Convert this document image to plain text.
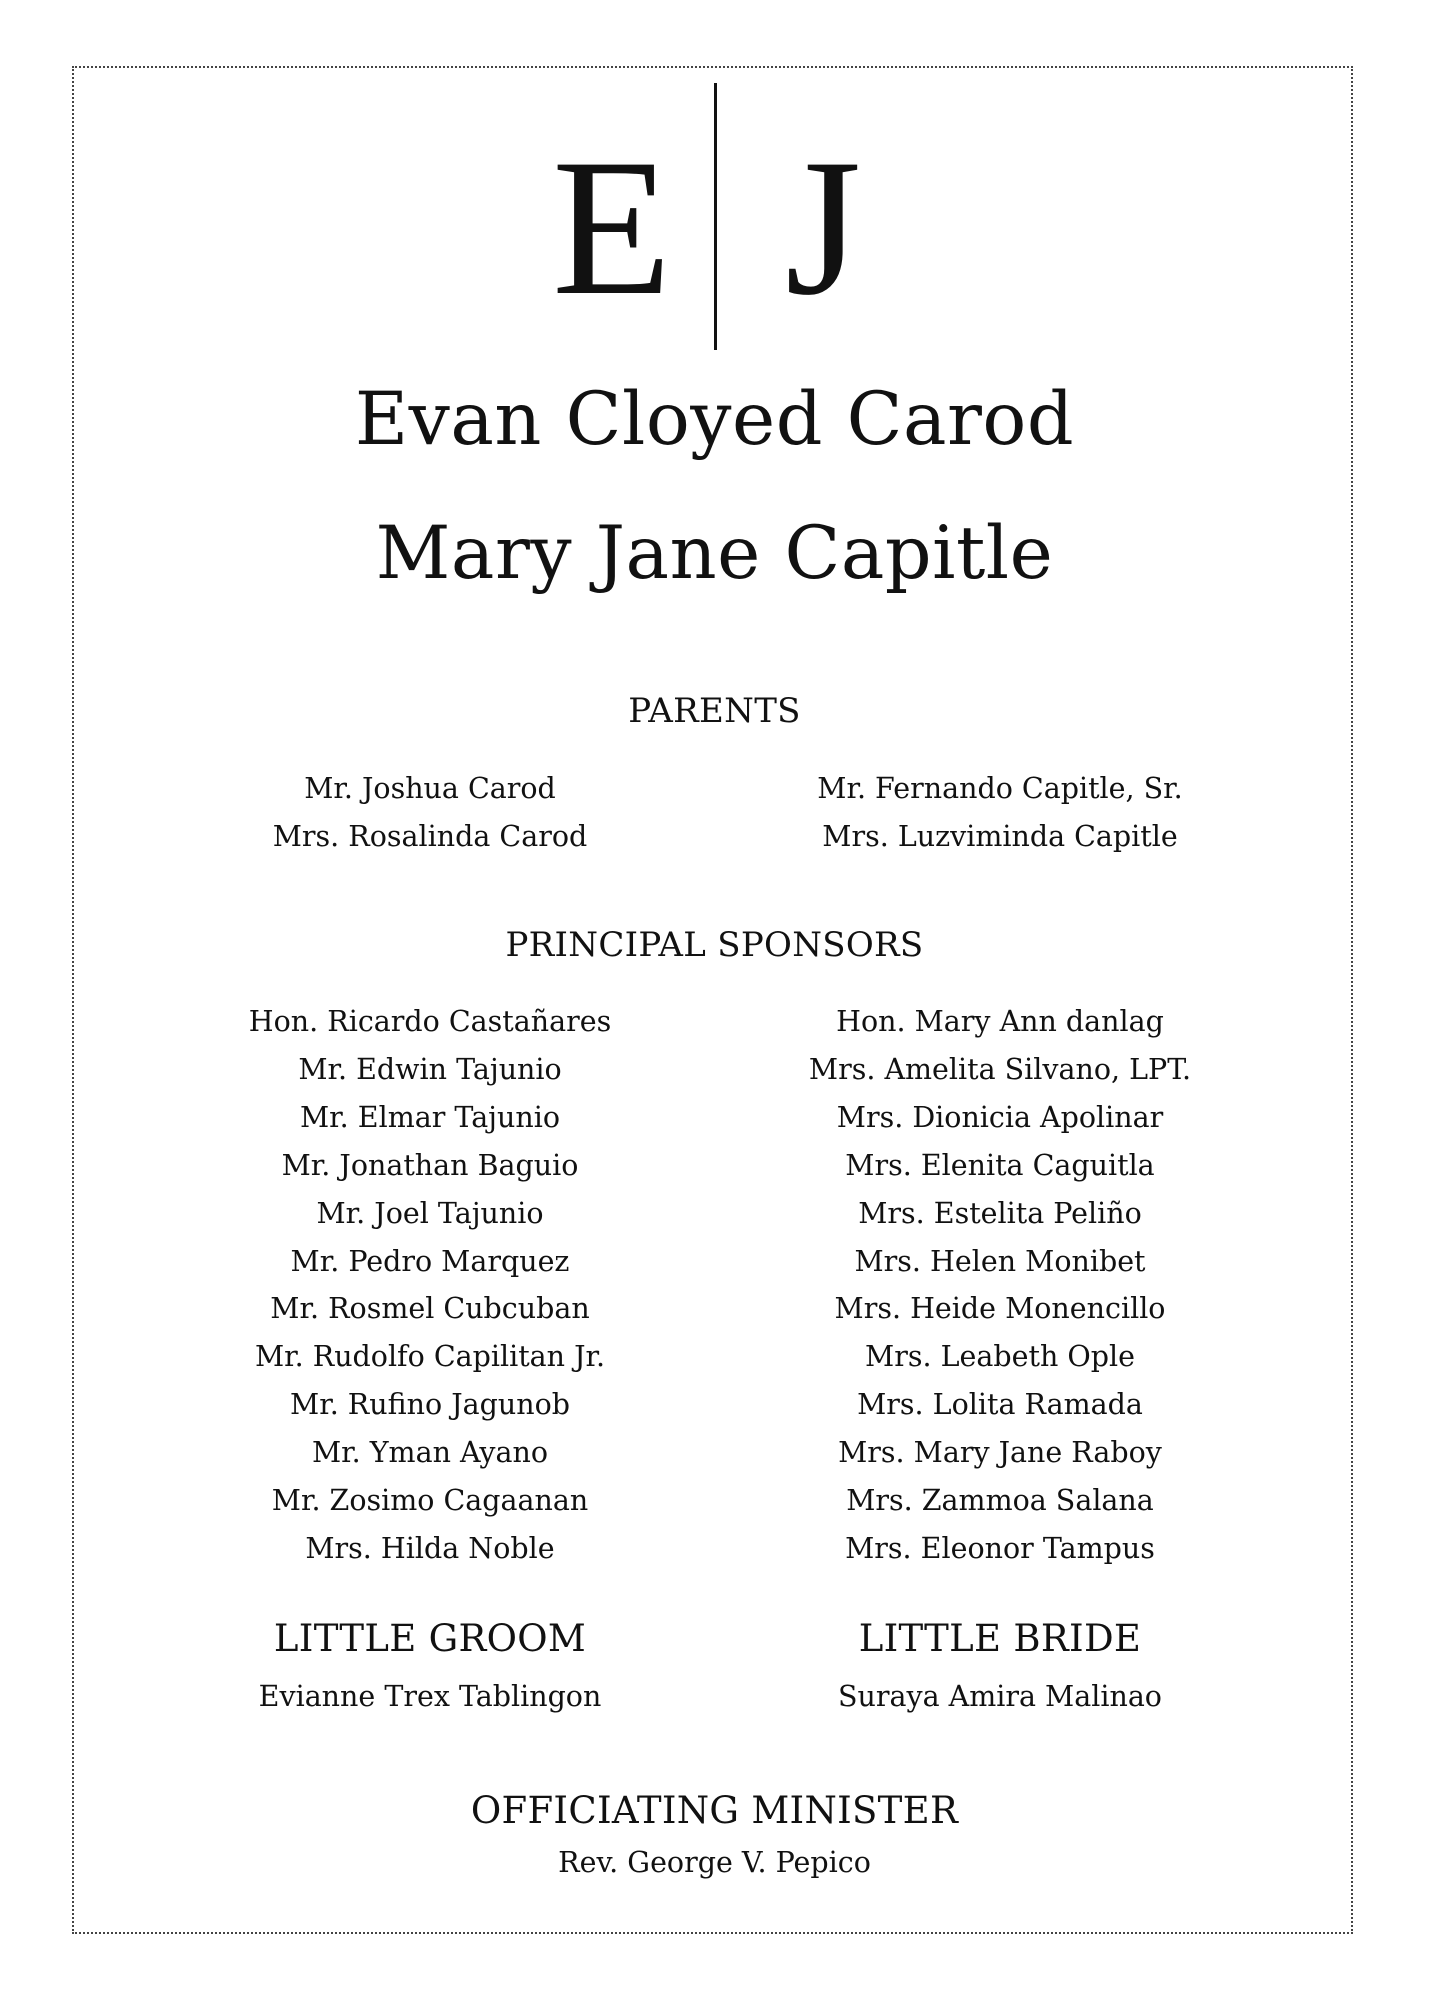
E J
Evan Cloyed Carod
Mary Jane Capitle
PARENTS
Mr. Joshua Carod
Mrs. Rosalinda Carod
Mr. Fernando Capitle, Sr.
Mrs. Luzviminda Capitle
PRINCIPAL SPONSORS
Hon. Ricardo Castañares
Mr. Edwin Tajunio
Mr. Elmar Tajunio
Mr. Jonathan Baguio
Mr. Joel Tajunio
Mr. Pedro Marquez
Mr. Rosmel Cubcuban
Mr. Rudolfo Capilitan Jr.
Mr. Rufino Jagunob
Mr. Yman Ayano
Mr. Zosimo Cagaanan
Mrs. Hilda Noble
Hon. Mary Ann danlag
Mrs. Amelita Silvano, LPT.
Mrs. Dionicia Apolinar
Mrs. Elenita Caguitla
Mrs. Estelita Peliño
Mrs. Helen Monibet
Mrs. Heide Monencillo
Mrs. Leabeth Ople
Mrs. Lolita Ramada
Mrs. Mary Jane Raboy
Mrs. Zammoa Salana
Mrs. Eleonor Tampus
LITTLE GROOM
Evianne Trex Tablingon
LITTLE BRIDE
Suraya Amira Malinao
OFFICIATING MINISTER
Rev. George V. Pepico
